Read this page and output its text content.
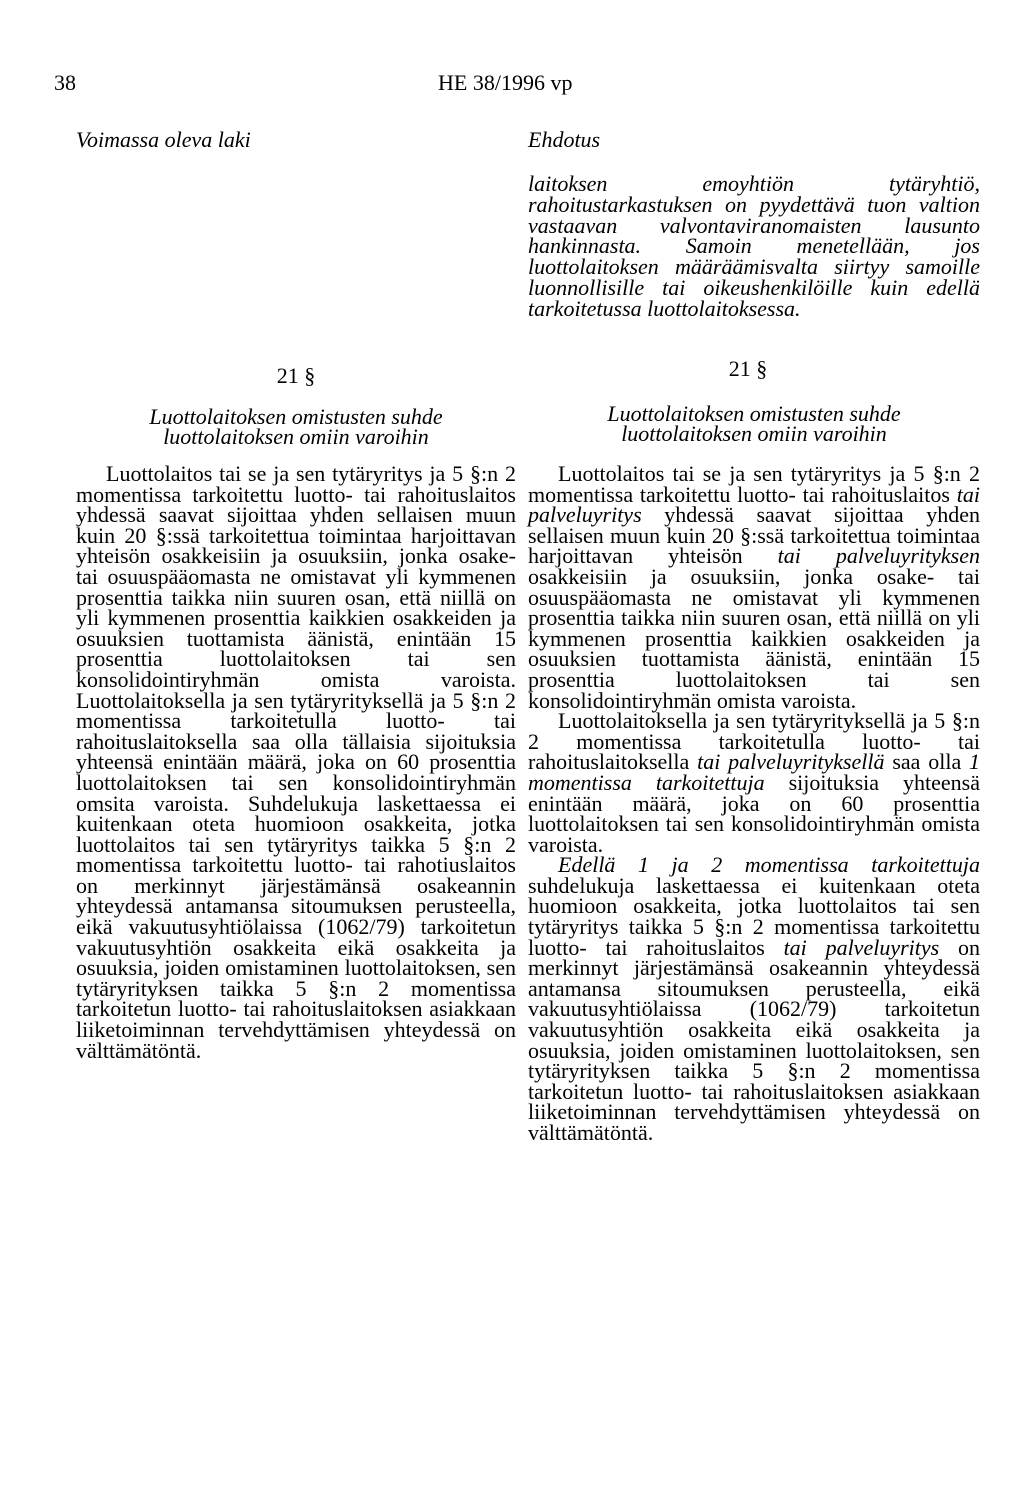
38	HE 38/1996 vp
Voimassa oleva laki	Ehdotus

laitoksen emoyhtiön tytäryhtiö, rahoitustarkastuksen on pyydettävä tuon valtion vastaavan valvontaviranomaisten lausunto hankinnasta. Samoin menetellään, jos luottolaitoksen määräämisvalta siirtyy samoille luonnollisille tai oikeushenkilöille kuin edellä tarkoitetussa luottolaitoksessa.

21 §	21 §

Luottolaitoksen omistusten suhde
luottolaitoksen omiin varoihin

Luottolaitoksen omistusten suhde
luottolaitoksen omiin varoihin

Luottolaitos tai se ja sen tytäryritys ja 5 §:n 2 momentissa tarkoitettu luotto- tai rahoituslaitos yhdessä saavat sijoittaa yhden sellaisen muun kuin 20 §:ssä tarkoitettua toimintaa harjoittavan yhteisön osakkeisiin ja osuuksiin, jonka osake- tai osuuspääomasta ne omistavat yli kymmenen prosenttia taikka niin suuren osan, että niillä on yli kymmenen prosenttia kaikkien osakkeiden ja osuuksien tuottamista äänistä, enintään 15 prosenttia luottolaitoksen tai sen konsolidointiryhmän omista varoista. Luottolaitoksella ja sen tytäryrityksellä ja 5 §:n 2 momentissa tarkoitetulla luotto- tai rahoituslaitoksella saa olla tällaisia sijoituksia yhteensä enintään määrä, joka on 60 prosenttia luottolaitoksen tai sen konsolidointiryhmän omsita varoista. Suhdelukuja laskettaessa ei kuitenkaan oteta huomioon osakkeita, jotka luottolaitos tai sen tytäryritys taikka 5 §:n 2 momentissa tarkoitettu luotto- tai rahotiuslaitos on merkinnyt järjestämänsä osakeannin yhteydessä antamansa sitoumuksen perusteella, eikä vakuutusyhtiölaissa (1062/79) tarkoitetun vakuutusyhtiön osakkeita eikä osakkeita ja osuuksia, joiden omistaminen luottolaitoksen, sen tytäryrityksen taikka 5 §:n 2 momentissa tarkoitetun luotto- tai rahoituslaitoksen asiakkaan liiketoiminnan tervehdyttämisen yhteydessä on välttämätöntä.

Luottolaitos tai se ja sen tytäryritys ja 5 §:n 2 momentissa tarkoitettu luotto- tai rahoituslaitos tai palveluyritys yhdessä saavat sijoittaa yhden sellaisen muun kuin 20 §:ssä tarkoitettua toimintaa harjoittavan yhteisön tai palveluyrityksen osakkeisiin ja osuuksiin, jonka osake- tai osuuspääomasta ne omistavat yli kymmenen prosenttia taikka niin suuren osan, että niillä on yli kymmenen prosenttia kaikkien osakkeiden ja osuuksien tuottamista äänistä, enintään 15 prosenttia luottolaitoksen tai sen konsolidointiryhmän omista varoista.

Luottolaitoksella ja sen tytäryrityksellä ja 5 §:n 2 momentissa tarkoitetulla luotto- tai rahoituslaitoksella tai palveluyrityksellä saa olla 1 momentissa tarkoitettuja sijoituksia yhteensä enintään määrä, joka on 60 prosenttia luottolaitoksen tai sen konsolidointiryhmän omista varoista.

Edellä 1 ja 2 momentissa tarkoitettuja suhdelukuja laskettaessa ei kuitenkaan oteta huomioon osakkeita, jotka luottolaitos tai sen tytäryritys taikka 5 §:n 2 momentissa tarkoitettu luotto- tai rahoituslaitos tai palveluyritys on merkinnyt järjestämänsä osakeannin yhteydessä antamansa sitoumuksen perusteella, eikä vakuutusyhtiölaissa (1062/79) tarkoitetun vakuutusyhtiön osakkeita eikä osakkeita ja osuuksia, joiden omistaminen luottolaitoksen, sen tytäryrityksen taikka 5 §:n 2 momentissa tarkoitetun luotto- tai rahoituslaitoksen asiakkaan liiketoiminnan tervehdyttämisen yhteydessä on välttämätöntä.
